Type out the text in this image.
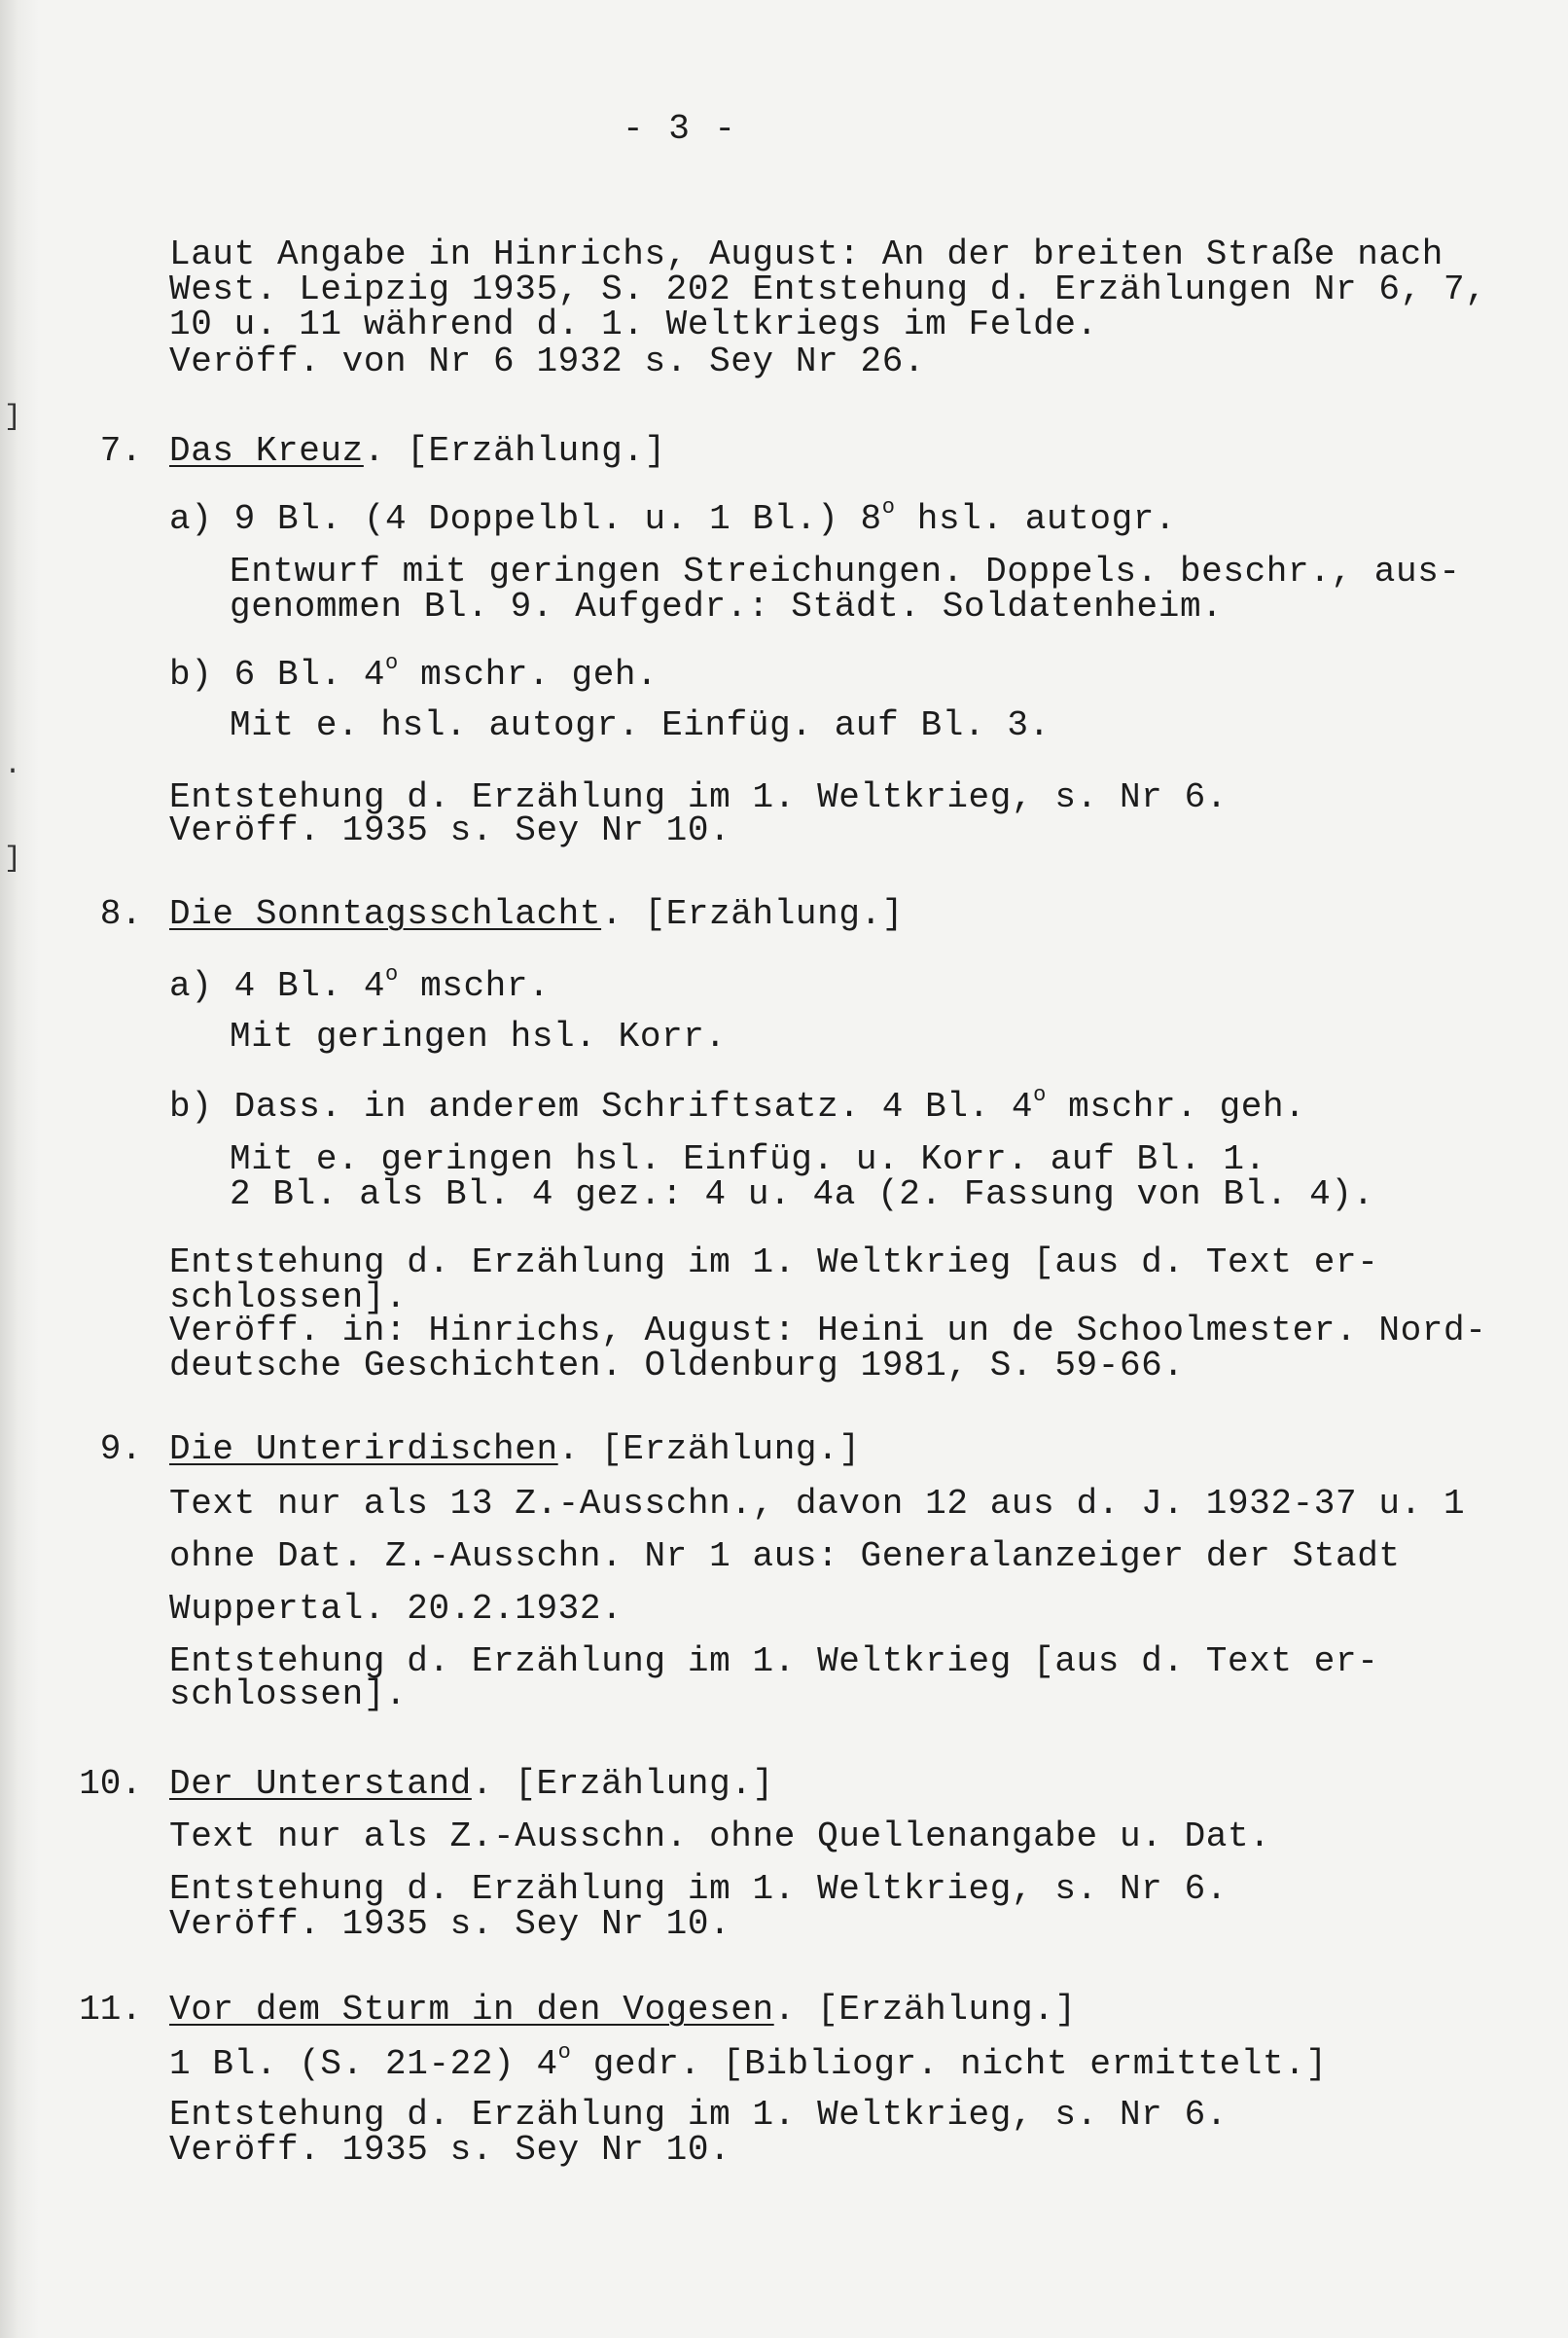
]
.
]
- 3 -
Laut Angabe in Hinrichs, August: An der breiten Straße nach
West. Leipzig 1935, S. 202 Entstehung d. Erzählungen Nr 6, 7,
10 u. 11 während d. 1. Weltkriegs im Felde.
Veröff. von Nr 6 1932 s. Sey Nr 26.
7. Das Kreuz. [Erzählung.]
a) 9 Bl. (4 Doppelbl. u. 1 Bl.) 8$^o$ hsl. autogr.
Entwurf mit geringen Streichungen. Doppels. beschr., aus-
genommen Bl. 9. Aufgedr.: Städt. Soldatenheim.
b) 6 Bl. 4$^o$ mschr. geh.
Mit e. hsl. autogr. Einfüg. auf Bl. 3.
Entstehung d. Erzählung im 1. Weltkrieg, s. Nr 6.
Veröff. 1935 s. Sey Nr 10.
8. Die Sonntagsschlacht. [Erzählung.]
a) 4 Bl. 4$^o$ mschr.
Mit geringen hsl. Korr.
b) Dass. in anderem Schriftsatz. 4 Bl. 4$^o$ mschr. geh.
Mit e. geringen hsl. Einfüg. u. Korr. auf Bl. 1.
2 Bl. als Bl. 4 gez.: 4 u. 4a (2. Fassung von Bl. 4).
Entstehung d. Erzählung im 1. Weltkrieg [aus d. Text er-
schlossen].
Veröff. in: Hinrichs, August: Heini un de Schoolmester. Nord-
deutsche Geschichten. Oldenburg 1981, S. 59-66.
9. Die Unterirdischen. [Erzählung.]
Text nur als 13 Z.-Ausschn., davon 12 aus d. J. 1932-37 u. 1
ohne Dat. Z.-Ausschn. Nr 1 aus: Generalanzeiger der Stadt
Wuppertal. 20.2.1932.
Entstehung d. Erzählung im 1. Weltkrieg [aus d. Text er-
schlossen].
10. Der Unterstand. [Erzählung.]
Text nur als Z.-Ausschn. ohne Quellenangabe u. Dat.
Entstehung d. Erzählung im 1. Weltkrieg, s. Nr 6.
Veröff. 1935 s. Sey Nr 10.
11. Vor dem Sturm in den Vogesen. [Erzählung.]
1 Bl. (S. 21-22) 4$^o$ gedr. [Bibliogr. nicht ermittelt.]
Entstehung d. Erzählung im 1. Weltkrieg, s. Nr 6.
Veröff. 1935 s. Sey Nr 10.
